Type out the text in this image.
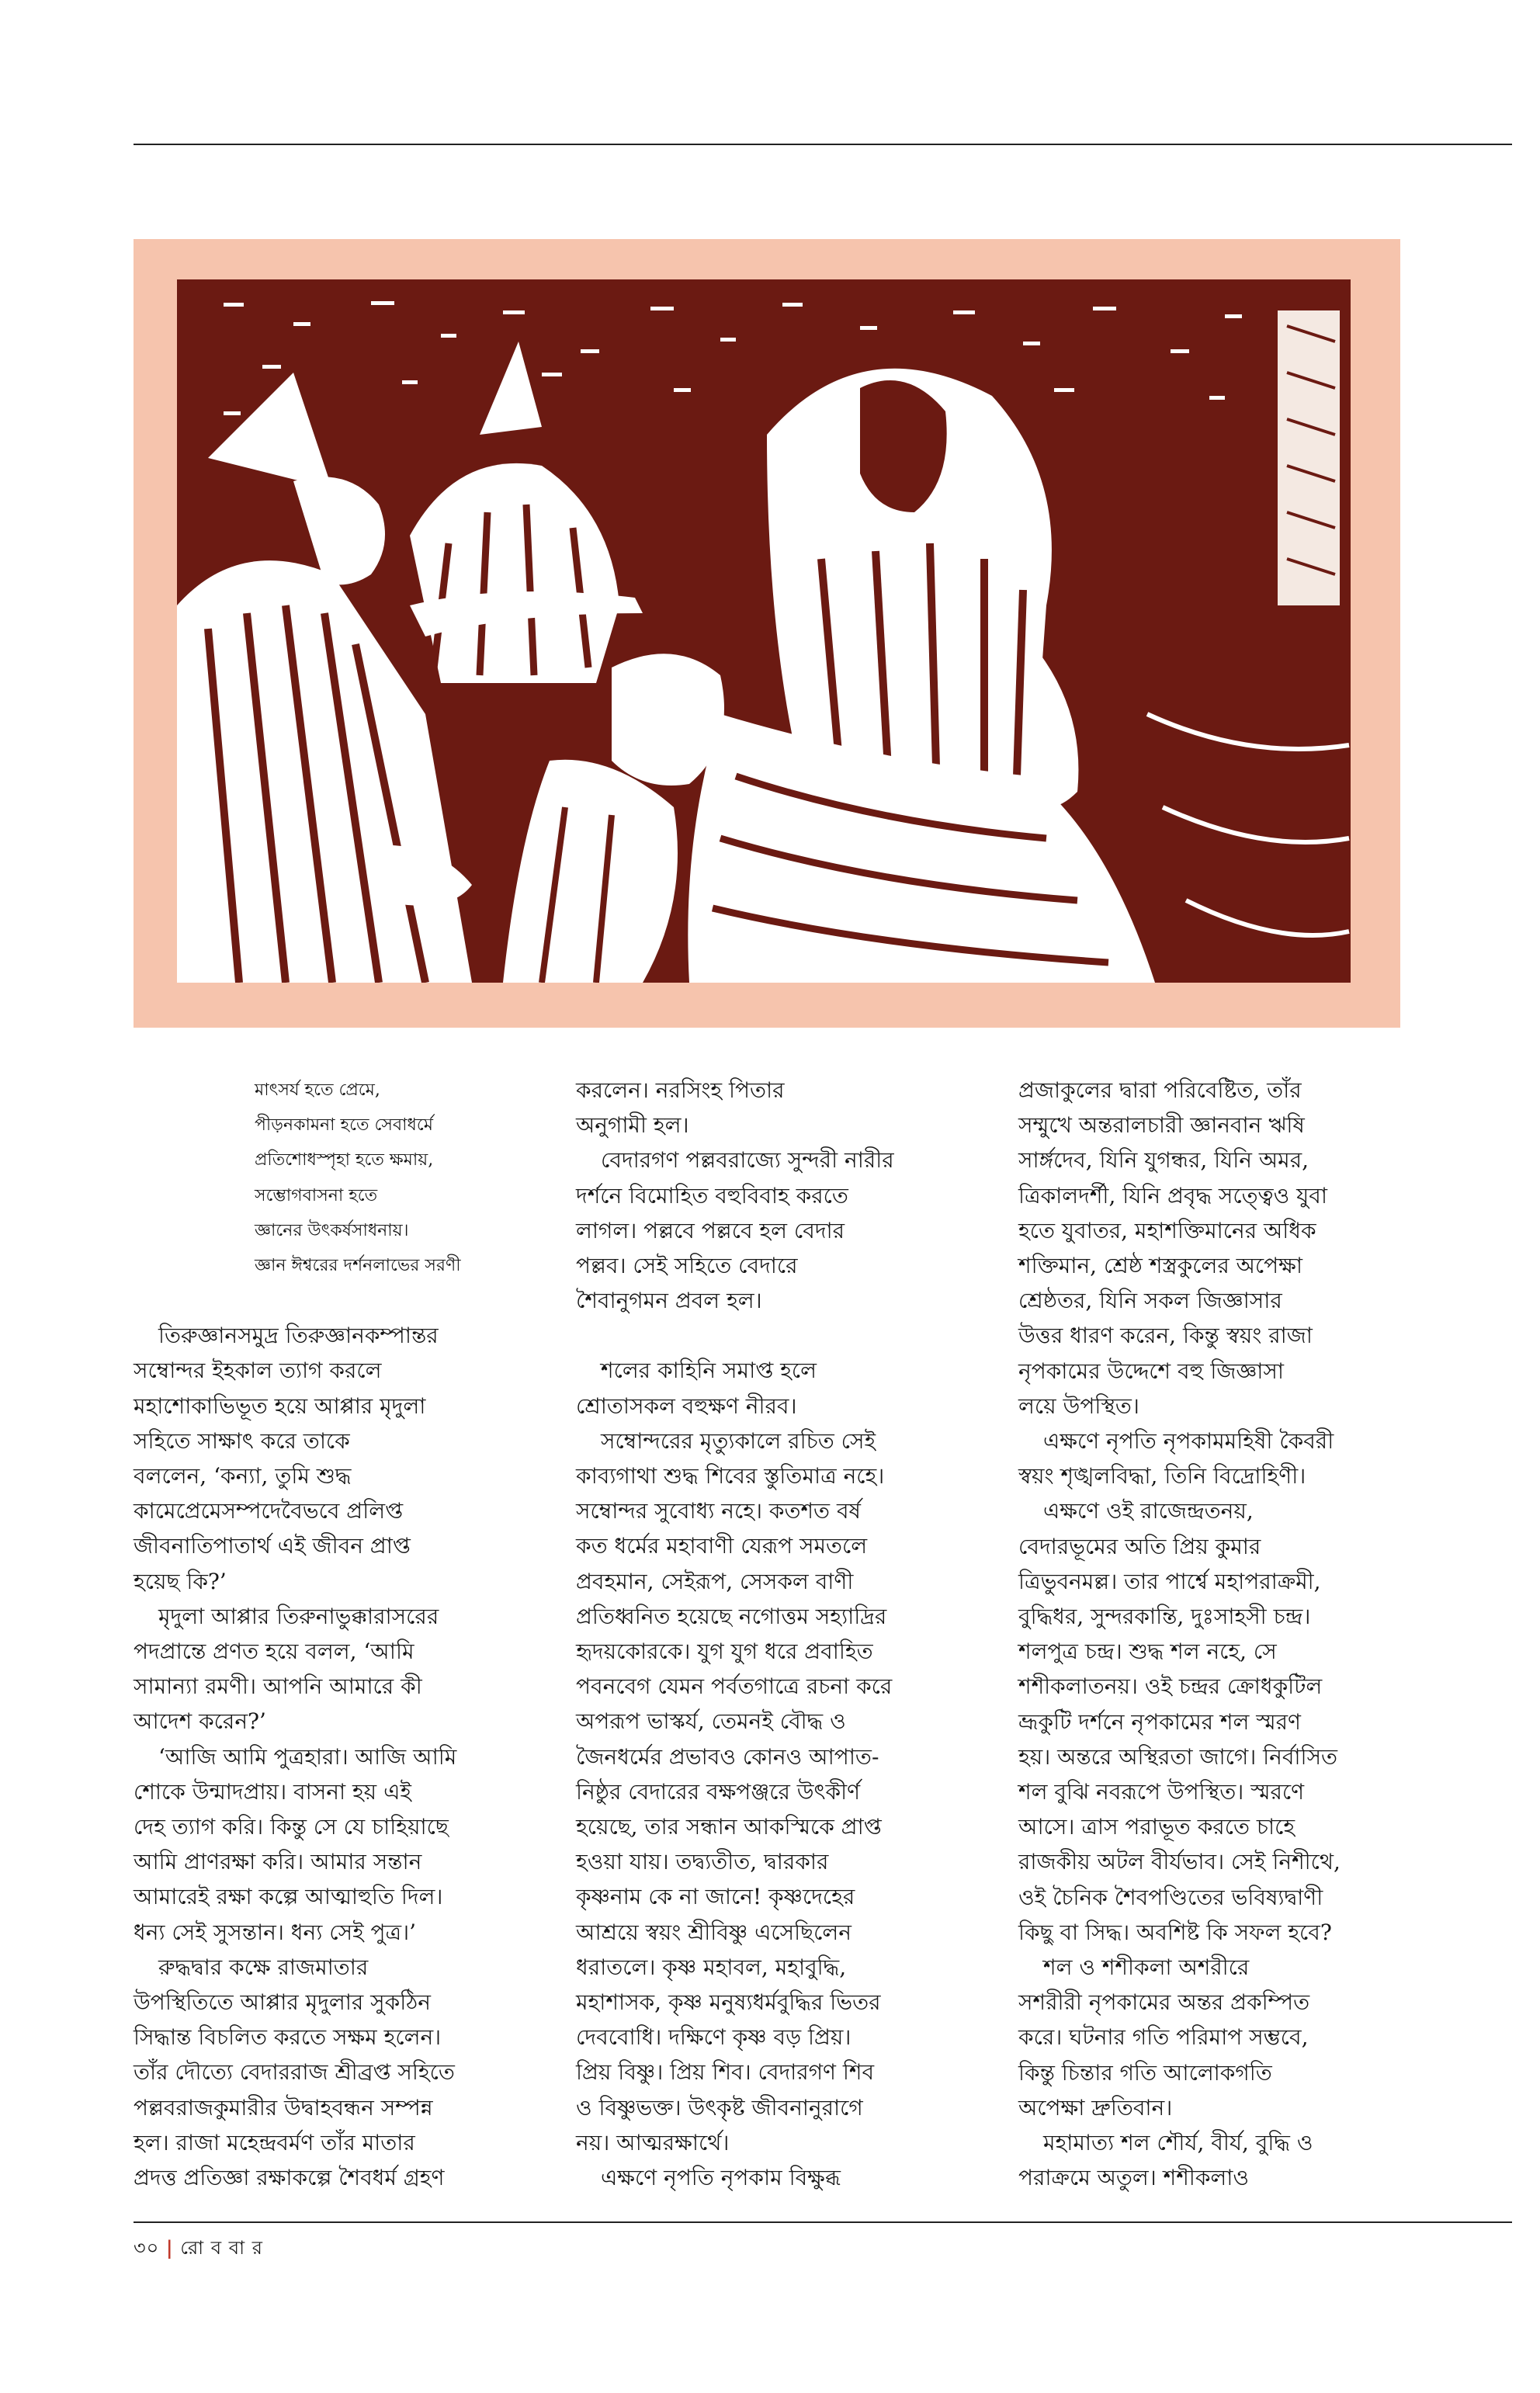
মাৎসর্য হতে প্রেমে,
পীড়নকামনা হতে সেবাধর্মে
প্রতিশোধস্পৃহা হতে ক্ষমায়,
সম্ভোগবাসনা হতে
জ্ঞানের উৎকর্ষসাধনায়।
জ্ঞান ঈশ্বরের দর্শনলাভের সরণী

তিরুজ্ঞানসমুদ্র তিরুজ্ঞানকম্পান্তর
সম্বোন্দর ইহকাল ত্যাগ করলে
মহাশোকাভিভূত হয়ে আপ্পার মৃদুলা
সহিতে সাক্ষাৎ করে তাকে
বললেন, ‘কন্যা, তুমি শুদ্ধ
কামেপ্রেমেসম্পদেবৈভবে প্রলিপ্ত
জীবনাতিপাতার্থ এই জীবন প্রাপ্ত
হয়েছ কি?’

মৃদুলা আপ্পার তিরুনাভুক্কারাসরের
পদপ্রান্তে প্রণত হয়ে বলল, ‘আমি
সামান্যা রমণী। আপনি আমারে কী
আদেশ করেন?’

‘আজি আমি পুত্রহারা। আজি আমি
শোকে উন্মাদপ্রায়। বাসনা হয় এই
দেহ ত্যাগ করি। কিন্তু সে যে চাহিয়াছে
আমি প্রাণরক্ষা করি। আমার সন্তান
আমারেই রক্ষা কল্পে আত্মাহুতি দিল।
ধন্য সেই সুসন্তান। ধন্য সেই পুত্র।’

রুদ্ধদ্বার কক্ষে রাজমাতার
উপস্থিতিতে আপ্পার মৃদুলার সুকঠিন
সিদ্ধান্ত বিচলিত করতে সক্ষম হলেন।
তাঁর দৌত্যে বেদাররাজ শ্রীব্রপ্ত সহিতে
পল্লবরাজকুমারীর উদ্বাহবন্ধন সম্পন্ন
হল। রাজা মহেন্দ্রবর্মণ তাঁর মাতার
প্রদত্ত প্রতিজ্ঞা রক্ষাকল্পে শৈবধর্ম গ্রহণ

করলেন। নরসিংহ পিতার
অনুগামী হল।

বেদারগণ পল্লবরাজ্যে সুন্দরী নারীর
দর্শনে বিমোহিত বহুবিবাহ করতে
লাগল। পল্লবে পল্লবে হল বেদার
পল্লব। সেই সহিতে বেদারে
শৈবানুগমন প্রবল হল।

শলের কাহিনি সমাপ্ত হলে
শ্রোতাসকল বহুক্ষণ নীরব।

সম্বোন্দরের মৃত্যুকালে রচিত সেই
কাব্যগাথা শুদ্ধ শিবের স্তুতিমাত্র নহে।
সম্বোন্দর সুবোধ্য নহে। কতশত বর্ষ
কত ধর্মের মহাবাণী যেরূপ সমতলে
প্রবহমান, সেইরূপ, সেসকল বাণী
প্রতিধ্বনিত হয়েছে নগোত্তম সহ্যাদ্রির
হৃদয়কোরকে। যুগ যুগ ধরে প্রবাহিত
পবনবেগ যেমন পর্বতগাত্রে রচনা করে
অপরূপ ভাস্কর্য, তেমনই বৌদ্ধ ও
জৈনধর্মের প্রভাবও কোনও আপাত-
নিষ্ঠুর বেদারের বক্ষপঞ্জরে উৎকীর্ণ
হয়েছে, তার সন্ধান আকস্মিকে প্রাপ্ত
হওয়া যায়। তদ্ব্যতীত, দ্বারকার
কৃষ্ণনাম কে না জানে! কৃষ্ণদেহের
আশ্রয়ে স্বয়ং শ্রীবিষ্ণু এসেছিলেন
ধরাতলে। কৃষ্ণ মহাবল, মহাবুদ্ধি,
মহাশাসক, কৃষ্ণ মনুষ্যধর্মবুদ্ধির ভিতর
দেববোধি। দক্ষিণে কৃষ্ণ বড় প্রিয়।
প্রিয় বিষ্ণু। প্রিয় শিব। বেদারগণ শিব
ও বিষ্ণুভক্ত। উৎকৃষ্ট জীবনানুরাগে
নয়। আত্মরক্ষার্থে।

এক্ষণে নৃপতি নৃপকাম বিক্ষুব্ধ

প্রজাকুলের দ্বারা পরিবেষ্টিত, তাঁর
সম্মুখে অন্তরালচারী জ্ঞানবান ঋষি
সার্ঙ্গদেব, যিনি যুগন্ধর, যিনি অমর,
ত্রিকালদর্শী, যিনি প্রবৃদ্ধ সত্ত্বেও যুবা
হতে যুবাতর, মহাশক্তিমানের অধিক
শক্তিমান, শ্রেষ্ঠ শস্ত্রকুলের অপেক্ষা
শ্রেষ্ঠতর, যিনি সকল জিজ্ঞাসার
উত্তর ধারণ করেন, কিন্তু স্বয়ং রাজা
নৃপকামের উদ্দেশে বহু জিজ্ঞাসা
লয়ে উপস্থিত।

এক্ষণে নৃপতি নৃপকামমহিষী কৈবরী
স্বয়ং শৃঙ্খলবিদ্ধা, তিনি বিদ্রোহিণী।

এক্ষণে ওই রাজেন্দ্রতনয়,
বেদারভূমের অতি প্রিয় কুমার
ত্রিভুবনমল্ল। তার পার্শ্বে মহাপরাক্রমী,
বুদ্ধিধর, সুন্দরকান্তি, দুঃসাহসী চন্দ্র।
শলপুত্র চন্দ্র। শুদ্ধ শল নহে, সে
শশীকলাতনয়। ওই চন্দ্রর ক্রোধকুটিল
ভ্রূকুটি দর্শনে নৃপকামের শল স্মরণ
হয়। অন্তরে অস্থিরতা জাগে। নির্বাসিত
শল বুঝি নবরূপে উপস্থিত। স্মরণে
আসে। ত্রাস পরাভূত করতে চাহে
রাজকীয় অটল বীর্যভাব। সেই নিশীথে,
ওই চৈনিক শৈবপণ্ডিতের ভবিষ্যদ্বাণী
কিছু বা সিদ্ধ। অবশিষ্ট কি সফল হবে?

শল ও শশীকলা অশরীরে
সশরীরী নৃপকামের অন্তর প্রকম্পিত
করে। ঘটনার গতি পরিমাপ সম্ভবে,
কিন্তু চিন্তার গতি আলোকগতি
অপেক্ষা দ্রুতিবান।

মহামাত্য শল শৌর্য, বীর্য, বুদ্ধি ও
পরাক্রমে অতুল। শশীকলাও

৩০ | রো ব বা র
